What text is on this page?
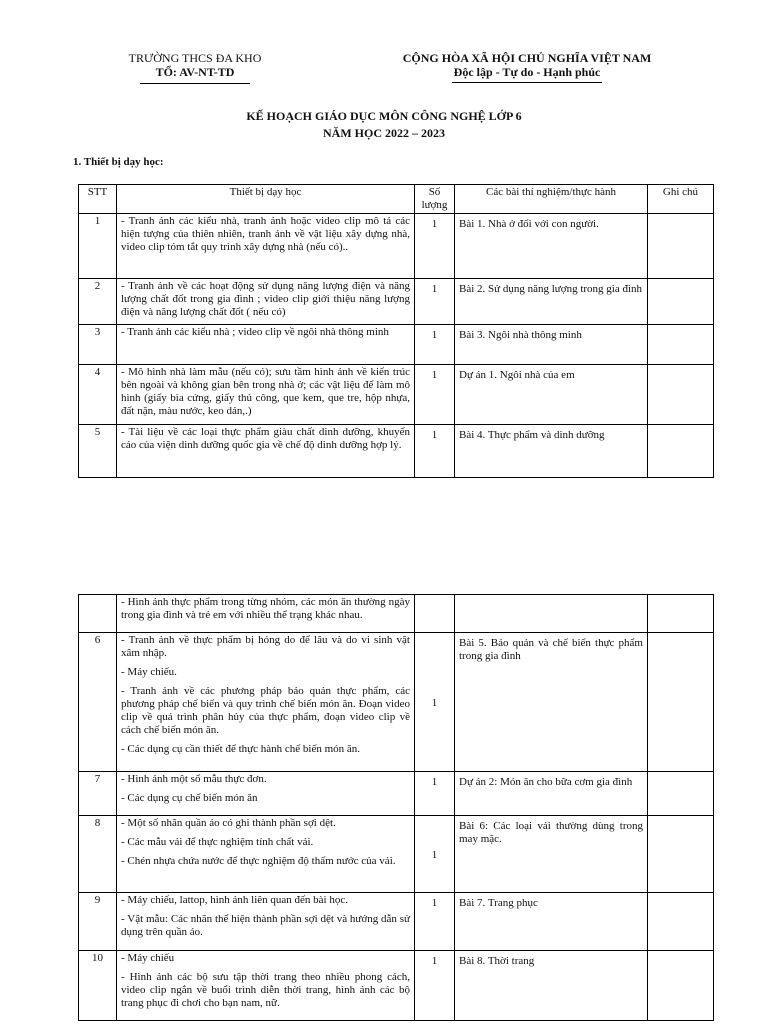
TRƯỜNG THCS ĐA KHO
TỔ: AV-NT-TD
CỘNG HÒA XÃ HỘI CHỦ NGHĨA VIỆT NAM
Độc lập - Tự do - Hạnh phúc
KẾ HOẠCH GIÁO DỤC MÔN CÔNG NGHỆ LỚP 6
NĂM HỌC 2022 – 2023
1. Thiết bị dạy học:
STT	Thiết bị dạy học	Số lượng	Các bài thí nghiệm/thực hành	Ghi chú
1	- Tranh ảnh các kiểu nhà, tranh ảnh hoặc video clip mô tả các hiện tượng của thiên nhiên, tranh ảnh về vật liệu xây dựng nhà, video clip tóm tắt quy trình xây dựng nhà (nếu có)..	1	Bài 1. Nhà ở đối với con người.	
2	- Tranh ảnh về các hoạt động sử dụng năng lượng điện và năng lượng chất đốt trong gia đình ; video clip giới thiệu năng lượng điện và năng lượng chất đốt ( nếu có)	1	Bài 2. Sử dụng năng lượng trong gia đình	
3	- Tranh ảnh các kiểu nhà ; video clip về ngôi nhà thông minh	1	Bài 3. Ngôi nhà thông minh	
4	- Mô hình nhà làm mẫu (nếu có); sưu tầm hình ảnh về kiến trúc bên ngoài và không gian bên trong nhà ở; các vật liệu để làm mô hình (giấy bìa cứng, giấy thủ công, que kem, que tre, hộp nhựa, đất nặn, màu nước, keo dán,.)	1	Dự án 1. Ngôi nhà của em	
5	- Tài liệu về các loại thực phẩm giàu chất dinh dưỡng, khuyến cáo của viện dinh dưỡng quốc gia về chế độ dinh dưỡng hợp lý.	1	Bài 4. Thực phẩm và dinh dưỡng	

	- Hình ảnh thực phẩm trong từng nhóm, các món ăn thường ngày trong gia đình và trẻ em với nhiều thể trạng khác nhau.			

6	- Tranh ảnh về thực phẩm bị hỏng do để lâu và do vi sinh vật xâm nhập.
- Máy chiếu.
- Tranh ảnh về các phương pháp bảo quản thực phẩm, các phương pháp chế biến và quy trình chế biến món ăn. Đoạn video clip về quá trình phân hủy của thực phẩm, đoạn video clip về cách chế biến món ăn.
- Các dụng cụ cần thiết để thực hành chế biến món ăn.	1	Bài 5. Bảo quản và chế biến thực phẩm trong gia đình	
7	- Hình ảnh một số mẫu thực đơn.
- Các dụng cụ chế biến món ăn	1	Dự án 2: Món ăn cho bữa cơm gia đình	
8	- Một số nhãn quần áo có ghi thành phần sợi dệt.
- Các mẫu vải để thực nghiệm tính chất vải.
- Chén nhựa chứa nước để thực nghiệm độ thấm nước của vải.	1	Bài 6: Các loại vải thường dùng trong may mặc.	
9	- Máy chiếu, lattop, hình ảnh liên quan đến bài học.
- Vật mẫu: Các nhãn thể hiện thành phần sợi dệt và hướng dẫn sử dụng trên quần áo.	1	Bài 7. Trang phục	
10	- Máy chiếu
- Hình ảnh các bộ sưu tập thời trang theo nhiều phong cách, video clip ngắn về buổi trình diễn thời trang, hình ảnh các bộ trang phục đi chơi cho bạn nam, nữ.	1	Bài 8. Thời trang	
